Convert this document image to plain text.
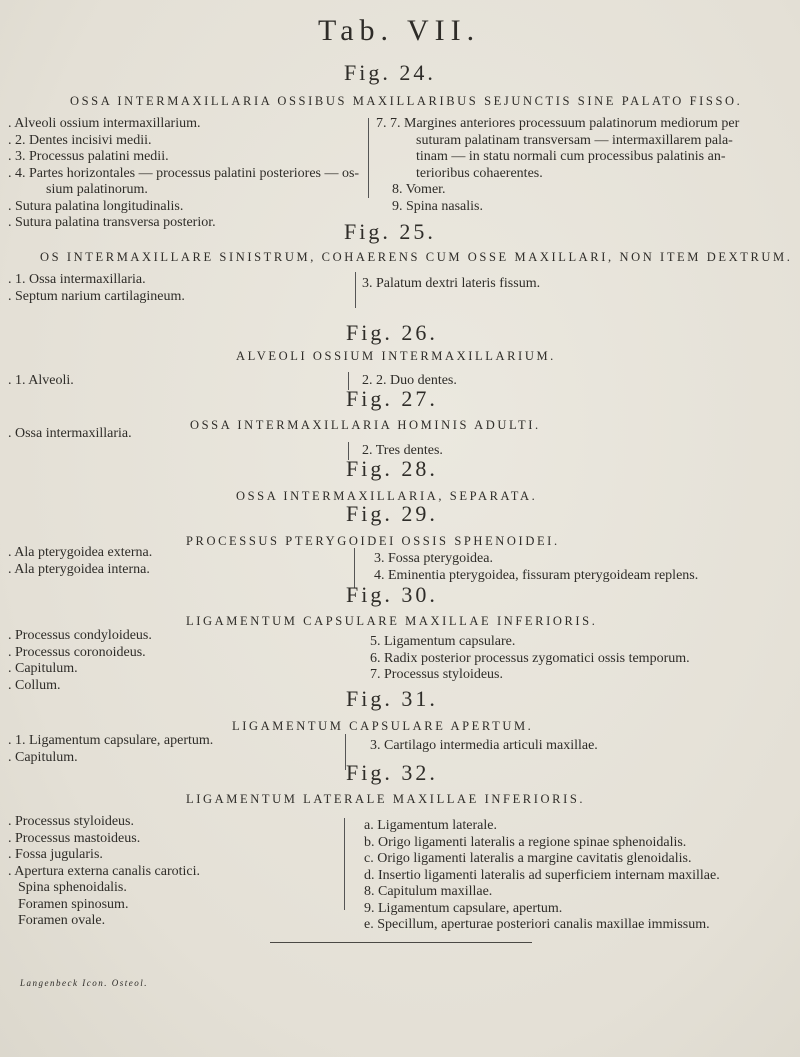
Tab. VII.
Fig. 24.
OSSA INTERMAXILLARIA OSSIBUS MAXILLARIBUS SEJUNCTIS SINE PALATO FISSO.
. Alveoli ossium intermaxillarium.
. 2. Dentes incisivi medii.
. 3. Processus palatini medii.
. 4. Partes horizontales — processus palatini posteriores — os-
sium palatinorum.
. Sutura palatina longitudinalis.
. Sutura palatina transversa posterior.
7. 7. Margines anteriores processuum palatinorum mediorum per
suturam palatinam transversam — intermaxillarem pala-
tinam — in statu normali cum processibus palatinis an-
terioribus cohaerentes.
8. Vomer.
9. Spina nasalis.
Fig. 25.
OS INTERMAXILLARE SINISTRUM, COHAERENS CUM OSSE MAXILLARI, NON ITEM DEXTRUM.
. 1. Ossa intermaxillaria.
. Septum narium cartilagineum.
3. Palatum dextri lateris fissum.
Fig. 26.
ALVEOLI OSSIUM INTERMAXILLARIUM.
. 1. Alveoli.	2. 2. Duo dentes.
Fig. 27.
OSSA INTERMAXILLARIA HOMINIS ADULTI.
. Ossa intermaxillaria.
2. Tres dentes.
Fig. 28.
OSSA INTERMAXILLARIA, SEPARATA.
Fig. 29.
PROCESSUS PTERYGOIDEI OSSIS SPHENOIDEI.
. Ala pterygoidea externa.
. Ala pterygoidea interna.
3. Fossa pterygoidea.
4. Eminentia pterygoidea, fissuram pterygoideam replens.
Fig. 30.
LIGAMENTUM CAPSULARE MAXILLAE INFERIORIS.
. Processus condyloideus.
. Processus coronoideus.
. Capitulum.
. Collum.
5. Ligamentum capsulare.
6. Radix posterior processus zygomatici ossis temporum.
7. Processus styloideus.
Fig. 31.
LIGAMENTUM CAPSULARE APERTUM.
. 1. Ligamentum capsulare, apertum.
. Capitulum.
3. Cartilago intermedia articuli maxillae.
Fig. 32.
LIGAMENTUM LATERALE MAXILLAE INFERIORIS.
. Processus styloideus.
. Processus mastoideus.
. Fossa jugularis.
. Apertura externa canalis carotici.
Spina sphenoidalis.
Foramen spinosum.
Foramen ovale.
a. Ligamentum laterale.
b. Origo ligamenti lateralis a regione spinae sphenoidalis.
c. Origo ligamenti lateralis a margine cavitatis glenoidalis.
d. Insertio ligamenti lateralis ad superficiem internam maxillae.
8. Capitulum maxillae.
9. Ligamentum capsulare, apertum.
e. Specillum, aperturae posteriori canalis maxillae immissum.
Langenbeck Icon. Osteol.
